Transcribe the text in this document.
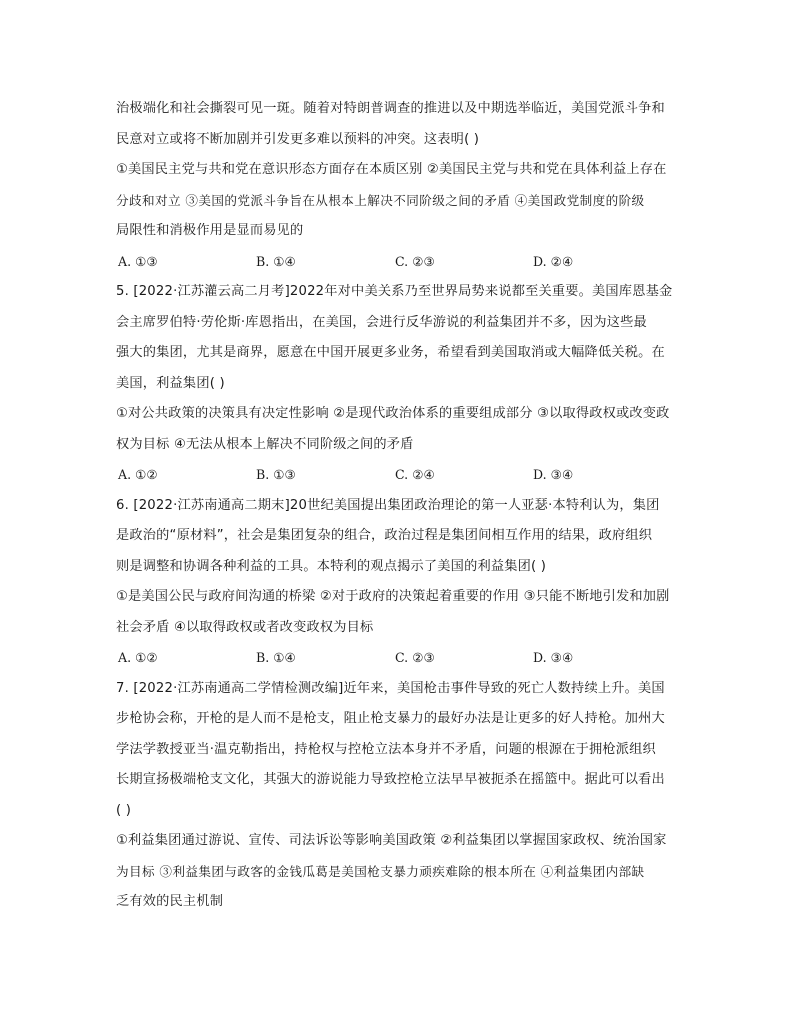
治极端化和社会撕裂可见一斑。随着对特朗普调查的推进以及中期选举临近，美国党派斗争和
民意对立或将不断加剧并引发更多难以预料的冲突。这表明( )
①美国民主党与共和党在意识形态方面存在本质区别 ②美国民主党与共和党在具体利益上存在
分歧和对立 ③美国的党派斗争旨在从根本上解决不同阶级之间的矛盾 ④美国政党制度的阶级
局限性和消极作用是显而易见的
A. ①③	B. ①④	C. ②③	D. ②④
5. [2022·江苏灌云高二月考]2022年对中美关系乃至世界局势来说都至关重要。美国库恩基金
会主席罗伯特·劳伦斯·库恩指出，在美国，会进行反华游说的利益集团并不多，因为这些最
强大的集团，尤其是商界，愿意在中国开展更多业务，希望看到美国取消或大幅降低关税。在
美国，利益集团( )
①对公共政策的决策具有决定性影响 ②是现代政治体系的重要组成部分 ③以取得政权或改变政
权为目标 ④无法从根本上解决不同阶级之间的矛盾
A. ①②	B. ①③	C. ②④	D. ③④
6. [2022·江苏南通高二期末]20世纪美国提出集团政治理论的第一人亚瑟·本特利认为，集团
是政治的“原材料”，社会是集团复杂的组合，政治过程是集团间相互作用的结果，政府组织
则是调整和协调各种利益的工具。本特利的观点揭示了美国的利益集团( )
①是美国公民与政府间沟通的桥梁 ②对于政府的决策起着重要的作用 ③只能不断地引发和加剧
社会矛盾 ④以取得政权或者改变政权为目标
A. ①②	B. ①④	C. ②③	D. ③④
7. [2022·江苏南通高二学情检测改编]近年来，美国枪击事件导致的死亡人数持续上升。美国
步枪协会称，开枪的是人而不是枪支，阻止枪支暴力的最好办法是让更多的好人持枪。加州大
学法学教授亚当·温克勒指出，持枪权与控枪立法本身并不矛盾，问题的根源在于拥枪派组织
长期宣扬极端枪支文化，其强大的游说能力导致控枪立法早早被扼杀在摇篮中。据此可以看出
( )
①利益集团通过游说、宣传、司法诉讼等影响美国政策 ②利益集团以掌握国家政权、统治国家
为目标 ③利益集团与政客的金钱瓜葛是美国枪支暴力顽疾难除的根本所在 ④利益集团内部缺
乏有效的民主机制
